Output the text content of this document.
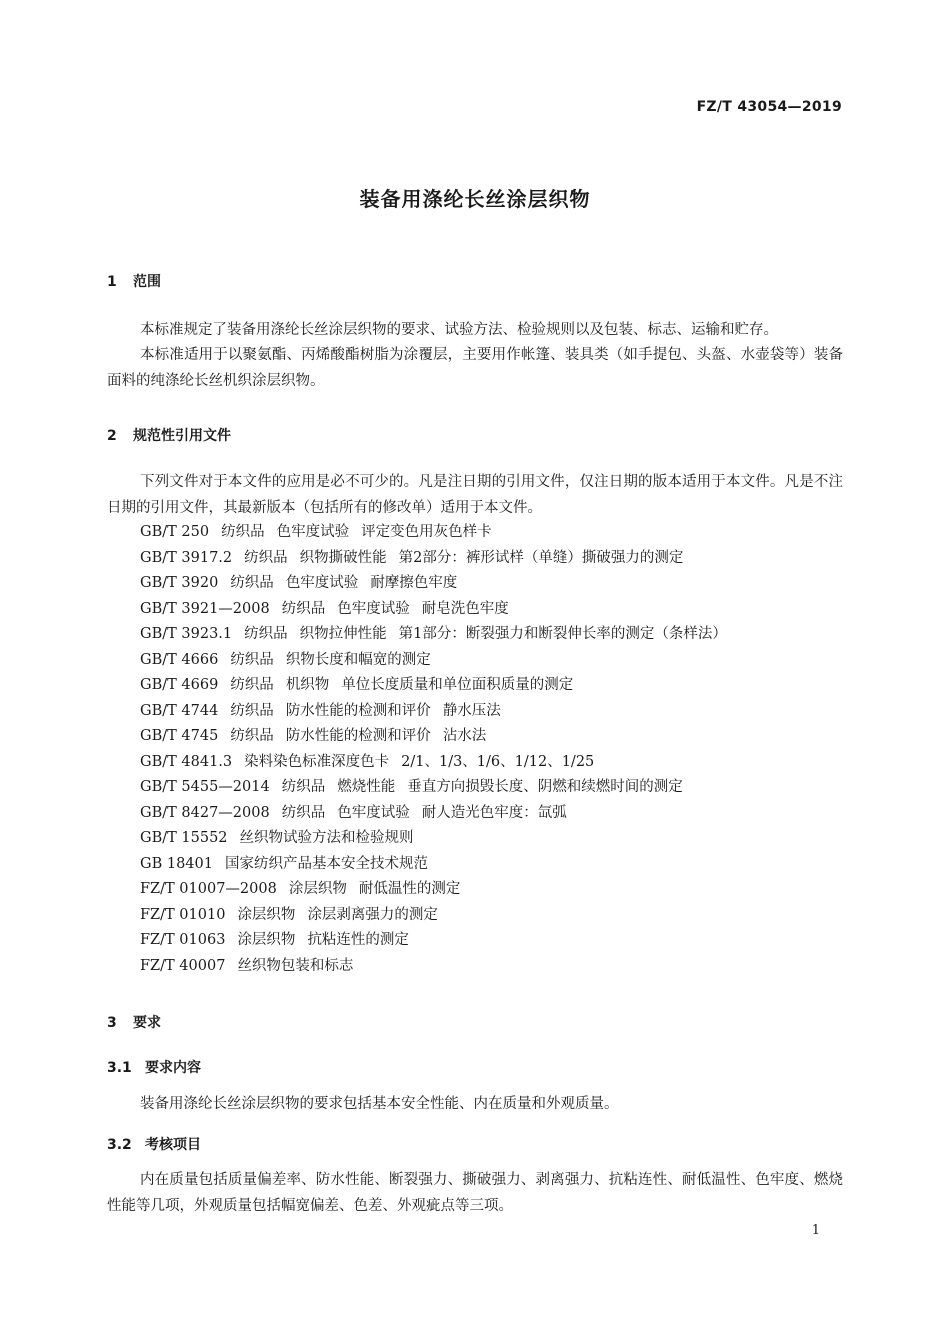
FZ/T 43054—2019
装备用涤纶长丝涂层织物
1 范围
本标准规定了装备用涤纶长丝涂层织物的要求、试验方法、检验规则以及包装、标志、运输和贮存。
本标准适用于以聚氨酯、丙烯酸酯树脂为涂覆层，主要用作帐篷、装具类（如手提包、头盔、水壶袋等）装备面料的纯涤纶长丝机织涂层织物。
2 规范性引用文件
下列文件对于本文件的应用是必不可少的。凡是注日期的引用文件，仅注日期的版本适用于本文件。凡是不注日期的引用文件，其最新版本（包括所有的修改单）适用于本文件。
GB/T 250 纺织品 色牢度试验 评定变色用灰色样卡
GB/T 3917.2 纺织品 织物撕破性能 第2部分：裤形试样（单缝）撕破强力的测定
GB/T 3920 纺织品 色牢度试验 耐摩擦色牢度
GB/T 3921—2008 纺织品 色牢度试验 耐皂洗色牢度
GB/T 3923.1 纺织品 织物拉伸性能 第1部分：断裂强力和断裂伸长率的测定（条样法）
GB/T 4666 纺织品 织物长度和幅宽的测定
GB/T 4669 纺织品 机织物 单位长度质量和单位面积质量的测定
GB/T 4744 纺织品 防水性能的检测和评价 静水压法
GB/T 4745 纺织品 防水性能的检测和评价 沾水法
GB/T 4841.3 染料染色标准深度色卡 2/1、1/3、1/6、1/12、1/25
GB/T 5455—2014 纺织品 燃烧性能 垂直方向损毁长度、阴燃和续燃时间的测定
GB/T 8427—2008 纺织品 色牢度试验 耐人造光色牢度：氙弧
GB/T 15552 丝织物试验方法和检验规则
GB 18401 国家纺织产品基本安全技术规范
FZ/T 01007—2008 涂层织物 耐低温性的测定
FZ/T 01010 涂层织物 涂层剥离强力的测定
FZ/T 01063 涂层织物 抗粘连性的测定
FZ/T 40007 丝织物包装和标志
3 要求
3.1 要求内容
装备用涤纶长丝涂层织物的要求包括基本安全性能、内在质量和外观质量。
3.2 考核项目
内在质量包括质量偏差率、防水性能、断裂强力、撕破强力、剥离强力、抗粘连性、耐低温性、色牢度、燃烧性能等几项，外观质量包括幅宽偏差、色差、外观疵点等三项。
1
